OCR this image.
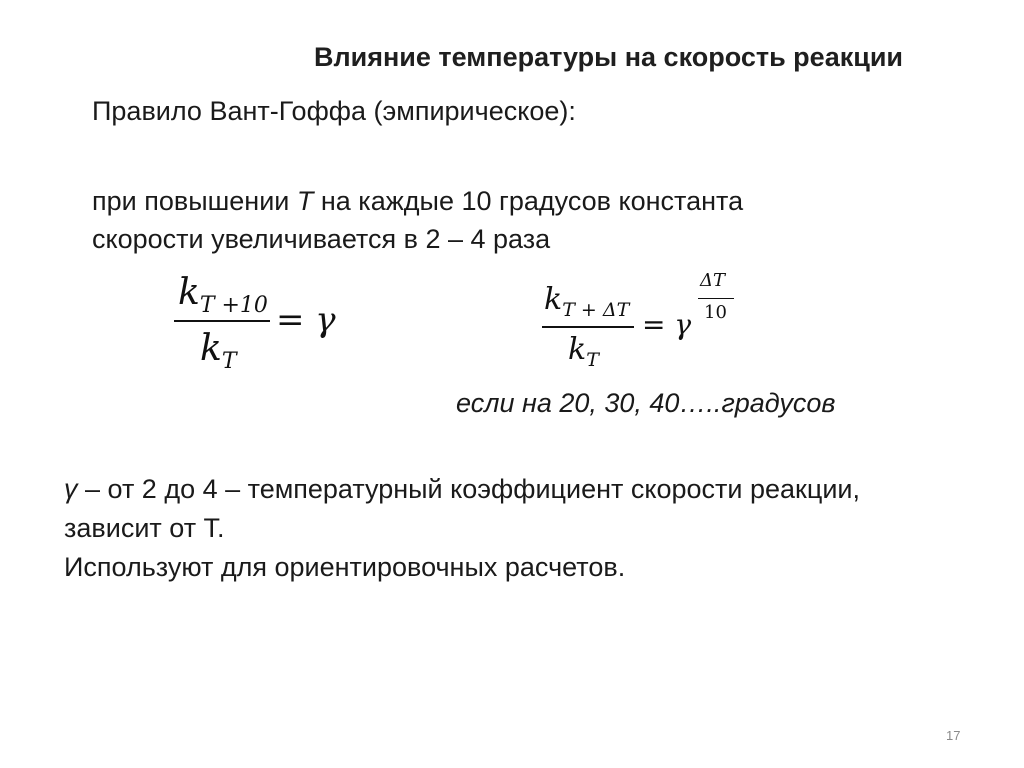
Влияние температуры на скорость реакции
Правило Вант-Гоффа (эмпирическое):
при повышении T на каждые 10 градусов константа
скорости увеличивается в 2 – 4 раза
$k_{T +10}$
$k_T$
= γ
$k_{T + \Delta T}$
$k_T$
= γ
ΔT
10
если на 20, 30, 40…..градусов
γ – от 2 до 4 – температурный коэффициент скорости реакции,
зависит от T.
Используют для ориентировочных расчетов.
17
